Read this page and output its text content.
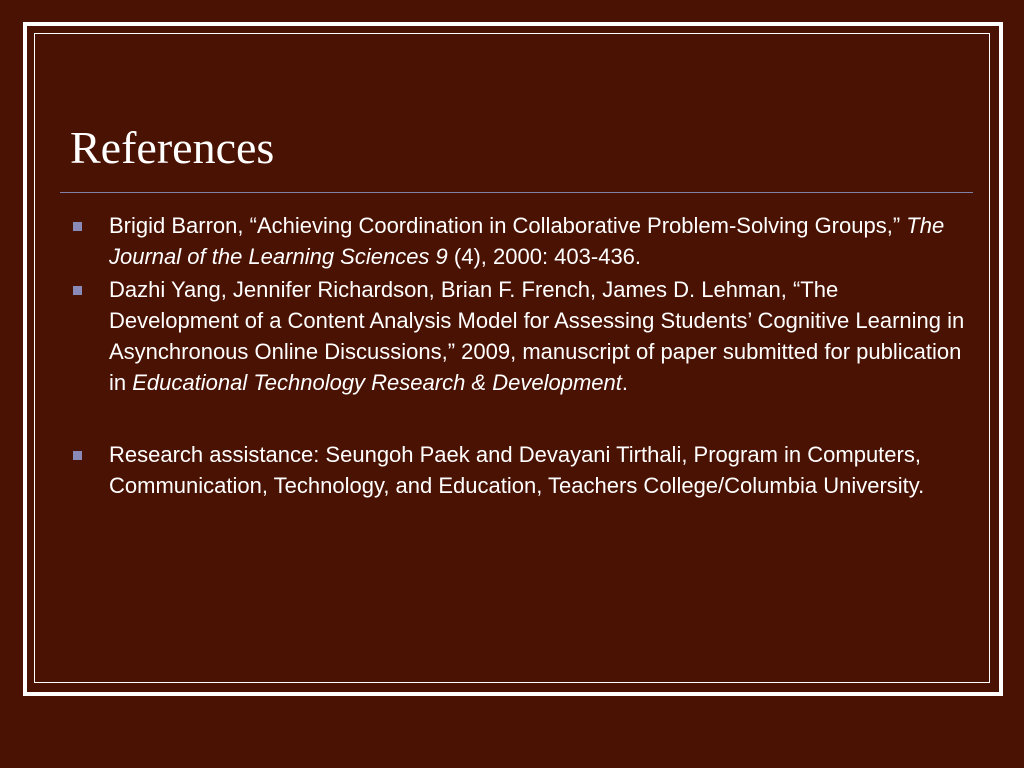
References
Brigid Barron, “Achieving Coordination in Collaborative Problem-Solving Groups,” The Journal of the Learning Sciences 9 (4), 2000: 403-436.
Dazhi Yang, Jennifer Richardson, Brian F. French, James D. Lehman, “The Development of a Content Analysis Model for Assessing Students’ Cognitive Learning in Asynchronous Online Discussions,” 2009, manuscript of paper submitted for publication in Educational Technology Research & Development.
Research assistance: Seungoh Paek and Devayani Tirthali, Program in Computers, Communication, Technology, and Education, Teachers College/Columbia University.
